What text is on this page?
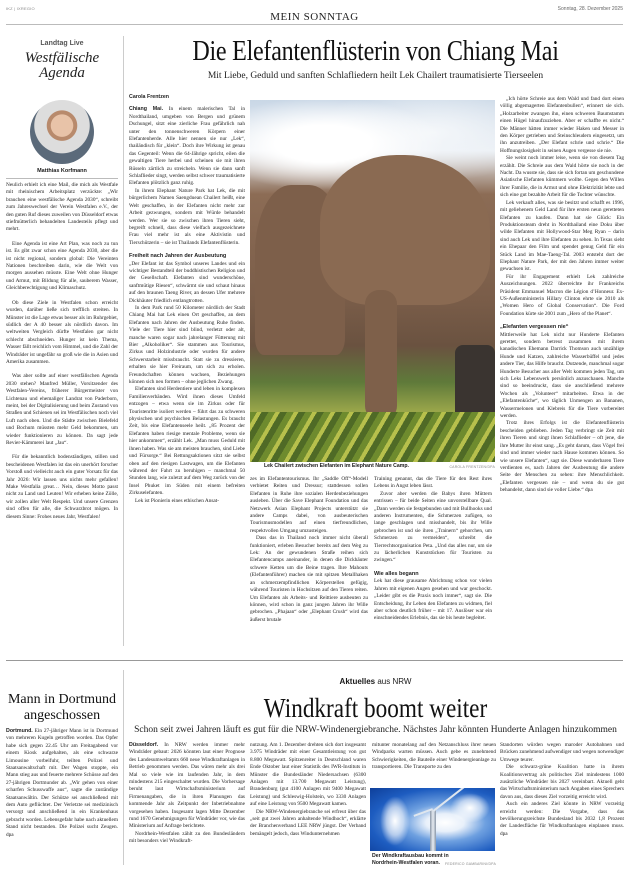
IKZ | IXREGIO
MEIN SONNTAG
Sonntag, 28. Dezember 2025
Landtag Live
Westfälische
Agenda
Matthias Korfmann

Neulich erhielt ich eine Mail, die mich als Westfale mit rheinischem Arbeitsplatz verzückte: „Wir brauchen eine westfälische Agenda 2030“, schreibt zum Jahreswechsel der Verein Westfalen e.V., der den guten Ruf dieses zuweilen von Düsseldorf etwas stiefmütterlich behandelten Landesteils pflegt und mehrt.

Eine Agenda ist eine Art Plan, was noch zu tun ist. Es gibt zwar schon eine Agenda 2030, aber die ist nicht regional, sondern global: Die Vereinten Nationen beschreiben darin, wie die Welt von morgen aussehen müsste. Eine Welt ohne Hunger und Armut, mit Bildung für alle, sauberem Wasser, Gleichberechtigung und Klimaschutz.

Ob diese Ziele in Westfalen schon erreicht wurden, darüber ließe sich trefflich streiten. In Münster ist die Lage etwas besser als im Ruhrgebiet, südlich der A 40 besser als nördlich davon. Im weltweiten Vergleich dürfte Westfalen gar nicht schlecht abschneiden. Hunger ist kein Thema, Wasser fällt reichlich vom Himmel, und die Zahl der Windräder ist ungefähr so groß wie die in Asien und Amerika zusammen.

Was aber sollte auf einer westfälischen Agenda 2030 stehen? Manfred Müller, Vorsitzender des Westfalen-Vereins, früherer Bürgermeister von Lichtenau und ehemaliger Landrat von Paderborn, meint, bei der Digitalisierung und beim Zustand von Straßen und Schienen sei im Westfälischen noch viel Luft nach oben. Und die Städte zwischen Bielefeld und Bochum müssten mehr Geld bekommen, um wieder funktionieren zu können. Da sagt jede Revier-Kämmerei laut „Jau“.

Für die bekanntlich bodenständigen, stillen und bescheidenen Westfalen ist das ein unerhört forscher Vorstoß und vielleicht auch ein guter Vorsatz für das Jahr 2026: Wir lassen uns nichts mehr gefallen! Make Westfalia great… Nein, dieses Motto passt nicht zu Land und Leuten! Wir erheben keine Zölle, wir zollen aller Welt Respekt. Und unsere Grenzen sind offen für alle, die Schwarzbrot mögen. In diesem Sinne: Frohes neues Jahr, Westfalen!

Die Elefantenflüsterin von Chiang Mai
Mit Liebe, Geduld und sanften Schlafliedern heilt Lek Chailert traumatisierte Tierseelen
Carola Frentzen

Chiang Mai. In einem malerischen Tal in Nordthailand, umgeben von Bergen und grünem Dschungel, sitzt eine zierliche Frau gefährlich nah unter den tonnenschweren Körpern einer Elefantenherde. Alle hier nennen sie nur „Lek“, thailändisch für „klein“. Doch ihre Wirkung ist genau das Gegenteil: Wenn die 64-Jährige spricht, eilen die gewaltigen Tiere herbei und scheinen sie mit ihren Rüsseln zärtlich zu streicheln. Wenn sie dann sanft Schlaflieder singt, werden selbst schwer traumatisierte Elefanten plötzlich ganz ruhig.

In ihrem Elephant Nature Park hat Lek, die mit bürgerlichem Namen Saengduean Chailert heißt, eine Welt geschaffen, in der Elefanten nicht mehr zur Arbeit gezwungen, sondern mit Würde behandelt werden. Wer sie so zwischen ihren Tieren sieht, begreift schnell, dass diese vielfach ausgezeichnete Frau viel mehr ist als eine Aktivistin und Tierschützerin – sie ist Thailands Elefantenflüsterin.

Freiheit nach Jahren der Ausbeutung

„Der Elefant ist das Symbol unseres Landes und ein wichtiger Bestandteil der buddhistischen Religion und der Gesellschaft. Elefanten sind wunderschöne, sanftmütige Riesen“, schwärmt sie und schaut hinaus auf den braunen Taeng River, an dessen Ufer mehrere Dickhäuter friedlich entlangtrotten.

In dem Park rund 50 Kilometer nördlich der Stadt Chiang Mai hat Lek einen Ort geschaffen, an dem Elefanten nach Jahren der Ausbeutung Ruhe finden. Viele der Tiere hier sind blind, verletzt oder alt, manche waren sogar nach jahrelanger Fütterung mit Bier „Alkoholiker“. Sie stammen aus Tourismus, Zirkus und Holzindustrie oder wurden für andere Schwerstarbeit missbraucht. Statt sie zu dressieren, erhalten sie hier Freiraum, um sich zu erholen. Freundschaften können wachsen, Beziehungen können sich neu formen – ohne jeglichen Zwang.

Elefanten sind Herdentiere und leben in komplexen Familienverbänden. Wird ihnen dieses Umfeld entzogen – etwa wenn sie im Zirkus oder für Touristenritte isoliert werden – führt das zu schweren physischen und psychischen Belastungen. Es braucht Zeit, bis eine Elefantenseele heilt. „85 Prozent der Elefanten haben riesige mentale Probleme, wenn sie hier ankommen“, erzählt Lek. „Man muss Geduld mit ihnen haben. Was sie am meisten brauchen, sind Liebe und Fürsorge.“ Bei Rettungsaktionen sitzt sie selbst oben auf den riesigen Lastwagen, um die Elefanten während der Fahrt zu beruhigen – manchmal 50 Stunden lang, wie zuletzt auf dem Weg zurück von der Insel Phuket im Süden mit einem befreiten Zirkuselefanten.

Lek ist Pionierin eines ethischen Ansat-

Lek Chailert zwischen Elefanten im Elephant Nature Camp.	CAROLA FRENTZEN/DPA

zes im Elefantentourismus. Ihr „Saddle Off“-Modell verbietet Reiten und Dressur; stattdessen sollen Elefanten in Ruhe ihre sozialen Herdenbeziehungen ausleben. Über die Save Elephant Foundation und das Netzwerk Asian Elephant Projects unterstützt sie andere Camps dabei, von ausbeuterischen Tourismusmodellen auf einen tierfreundlichen, respektvollen Umgang umzusteigen.

Dass das in Thailand noch immer nicht überall funktioniert, erleben Besucher bereits auf dem Weg zu Lek: An der gewundenen Straße reihen sich Elefantencamps aneinander, in denen die Dickhäuter schwere Ketten um die Beine tragen. Ihre Mahouts (Elefantenführer) machen sie mit spitzen Metallhaken an schmerzempfindlichen Körperstellen gefügig, während Touristen in Hochsitzen auf den Tieren reiten. Um Elefanten als Arbeits- und Reittiere ausbeuten zu können, wird schon in ganz jungen Jahren ihr Wille gebrochen. „Phajaan“ oder „Elephant Crush“ wird das äußerst brutale

Training genannt, das die Tiere für den Rest ihres Lebens in Angst leben lässt.

Zuvor aber werden die Babys ihren Müttern entrissen – für beide Seiten eine unvorstellbare Qual. „Dann werden sie festgebunden und mit Bullhooks und anderen Instrumenten, die Schmerzen zufügen, so lange geschlagen und misshandelt, bis ihr Wille gebrochen ist und sie ihren „Trainern“ gehorchen, um Schmerzen zu vermeiden“, schreibt die Tierrechtsorganisation Peta. „Und das alles nur, um sie zu lächerlichen Kunststücken für Touristen zu zwingen.“

Wie alles begann

Lek hat diese grausame Abrichtung schon vor vielen Jahren mit eigenen Augen gesehen und war geschockt. „Leider gibt es die Praxis noch immer“, sagt sie. Die Entscheidung, ihr Leben den Elefanten zu widmen, fiel aber schon deutlich früher – mit 17. Auslöser war ein einschneidendes Erlebnis, das sie bis heute begleitet.

„Ich hörte Schreie aus dem Wald und fand dort einen völlig abgemagerten Elefantenbullen“, erinnert sie sich. „Holzarbeiter zwangen ihn, einen schweren Baumstamm einen Hügel hinaufzuziehen. Aber er schaffte es nicht.“ Die Männer hätten immer wieder Haken und Messer in den Körper getrieben und Steinschleudern eingesetzt, um ihn anzutreiben. „Der Elefant schrie und schrie.“ Die Hoffnungslosigkeit in seinen Augen vergesse sie nie.

Sie weint noch immer leise, wenn sie von diesem Tag erzählt. Die Schreie aus dem Wald hörte sie noch in der Nacht. Da wusste sie, dass sie sich fortan um geschundene Asiatische Elefanten kümmern wollte. Gegen den Willen ihrer Familie, die in Armut und ohne Elektrizität lebte und sich eine gut bezahlte Arbeit für die Tochter wünschte.

Lek verkauft alles, was sie besitzt und schafft es 1996, mit geliehenem Geld Land für ihre ersten neun geretteten Elefanten zu kaufen. Dann hat sie Glück: Ein Produktionsteam dreht in Nordthailand eine Doku über wilde Elefanten mit Hollywood-Star Meg Ryan – darin sind auch Lek und ihre Elefanten zu sehen. In Texas sieht ein Ehepaar den Film und spendet genug Geld für ein Stück Land im Mae-Taeng-Tal. 2003 entsteht dort der Elephant Nature Park, der mit den Jahren immer weiter gewachsen ist.

Für ihr Engagement erhielt Lek zahlreiche Auszeichnungen. 2022 überreichte ihr Frankreichs Präsident Emmanuel Macron die Légion d’Honneur. Ex-US-Außenministerin Hillary Clinton ehrte sie 2010 als „Women Hero of Global Conservation“. Die Ford Foundation kürte sie 2001 zum „Hero of the Planet“.

„Elefanten vergessen nie“

Mittlerweile hat Lek nicht nur Hunderte Elefanten gerettet, sondern betreut zusammen mit ihrem kanadischen Ehemann Darrick Thomson auch unzählige Hunde und Katzen, zahlreiche Wasserbüffel und jedes andere Tier, das Hilfe braucht. Dutzende, manchmal sogar Hunderte Besucher aus aller Welt kommen jeden Tag, um sich Leks Lebenswerk persönlich anzuschauen. Manche sind so beeindruckt, dass sie anschließend mehrere Wochen als „Volunteer“ mitarbeiten. Etwa in der „Elefantenküche“, wo täglich Unmengen an Bananen, Wassermelonen und Klebreis für die Tiere vorbereitet werden.

Trotz ihres Erfolgs ist die Elefantenflüsterin bescheiden geblieben. Jeden Tag verbringt sie Zeit mit ihren Tieren und singt ihnen Schlaflieder – oft jene, die ihre Mutter ihr einst sang. „Es geht darum, dass Vögel frei sind und immer wieder nach Hause kommen können. So wie unsere Elefanten“, sagt sie. Diese wunderbaren Tiere verdienten es, nach Jahren der Ausbeutung die andere Seite der Menschen zu sehen: ihre Menschlichkeit. „Elefanten vergessen nie – und wenn du sie gut behandelst, dann sind sie voller Liebe.“ dpa

Mann in Dortmund angeschossen

Dortmund. Ein 27-jähriger Mann ist in Dortmund von mehreren Kugeln getroffen worden. Das Opfer habe sich gegen 22.45 Uhr am Freitagabend vor einem Kiosk aufgehalten, als eine schwarze Limousine vorbeifuhr, teilten Polizei und Staatsanwaltschaft mit. Der Wagen stoppte, ein Mann stieg aus und feuerte mehrere Schüsse auf den 27-jährigen Dortmunder ab. „Wir gehen von einer scharfen Schusswaffe aus“, sagte die zuständige Staatsanwältin. Der Schütze sei anschließend mit dem Auto geflüchtet. Der Verletzte sei medizinisch versorgt und anschließend in ein Krankenhaus gebracht worden. Lebensgefahr habe nach aktuellem Stand nicht bestanden. Die Polizei sucht Zeugen. dpa

Aktuelles aus NRW
Windkraft boomt weiter
Schon seit zwei Jahren läuft es gut für die NRW-Windenergiebranche. Nächstes Jahr könnten Hunderte Anlagen hinzukommen

Düsseldorf. In NRW werden immer mehr Windräder gebaut: 2026 könnten laut einer Prognose des Landesumweltamts 660 neue Windkraftanlagen in Betrieb genommen werden. Das wären mehr als drei Mal so viele wie im laufenden Jahr, in dem mindestens 215 eingeschaltet wurden. Die Vorhersage beruht laut Wirtschaftsministerium auf Firmenangaben, die in ihren Planungen das kommende Jahr als Zeitpunkt der Inbetriebnahme vorgesehen haben. Insgesamt lagen Mitte Dezember rund 1670 Genehmigungen für Windräder vor, wie das Ministerium auf Anfrage berichtete.

Nordrhein-Westfalen zählt zu den Bundesländern mit besonders viel Windkraft-

nutzung. Am 1. Dezember drehten sich dort insgesamt 3.975 Windräder mit einer Gesamtleistung von gut 8.800 Megawatt. Spitzenreiter in Deutschland waren Ende Oktober laut einer Statistik des IWR-Instituts in Münster die Bundesländer Niedersachsen (6300 Anlagen mit 13.700 Megawatt Leistung), Brandenburg (gut 4100 Anlagen mit 9400 Megawatt Leistung) und Schleswig-Holstein, wo 3330 Anlagen auf eine Leistung von 9500 Megawatt kamen.

Die NRW-Windenergiebranche sei erfreut über das „seit gut zwei Jahren anhaltende Windhoch“, erklärte der Branchenverband LEE NRW jüngst. Der Verband bemängelt jedoch, dass Windunternehmen

mitunter monatelang auf den Netzanschluss ihrer neuen Windparks warten müssen. Auch gebe es zunehmend Schwierigkeiten, die Bauteile einer Windenergieanlage zu transportieren. Die Transporte zu den

Der Windkraftausbau kommt in Nordrhein-Westfalen voran.	FEDERICO GAMBARINI/DPA

Standorten würden wegen maroder Autobahnen und Brücken zunehmend aufwendiger und wegen notwendiger Umwege teurer.

Die schwarz-grüne Koalition hatte in ihrem Koalitionsvertrag als politisches Ziel mindestens 1000 zusätzliche Windräder bis 2027 vereinbart. Aktuell geht das Wirtschaftsministerium nach Angaben eines Sprechers davon aus, dass dieses Ziel vorzeitig erreicht wird.

Auch ein anderes Ziel könnte in NRW vorzeitig erreicht werden: Die Vorgabe, dass das bevölkerungsreichste Bundesland bis 2032 1,8 Prozent der Landesfläche für Windkraftanlagen einplanen muss. dpa
